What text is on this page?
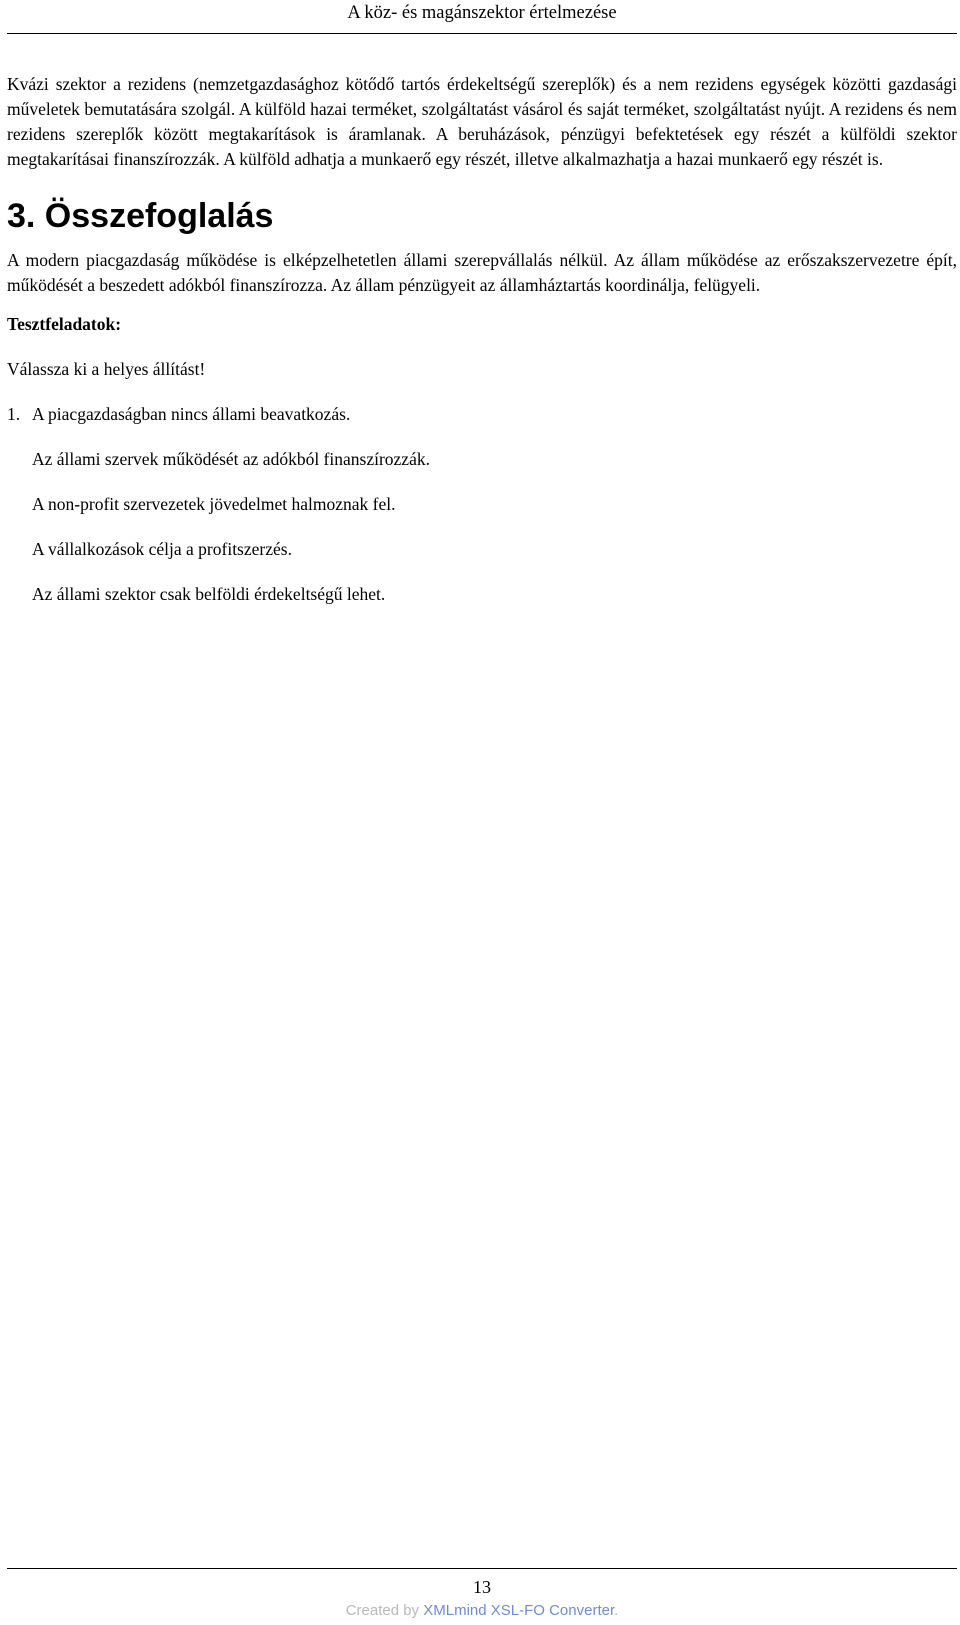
A köz- és magánszektor értelmezése

Kvázi szektor a rezidens (nemzetgazdasághoz kötődő tartós érdekeltségű szereplők) és a nem rezidens egységek közötti gazdasági műveletek bemutatására szolgál. A külföld hazai terméket, szolgáltatást vásárol és saját terméket, szolgáltatást nyújt. A rezidens és nem rezidens szereplők között megtakarítások is áramlanak. A beruházások, pénzügyi befektetések egy részét a külföldi szektor megtakarításai finanszírozzák. A külföld adhatja a munkaerő egy részét, illetve alkalmazhatja a hazai munkaerő egy részét is.

3. Összefoglalás

A modern piacgazdaság működése is elképzelhetetlen állami szerepvállalás nélkül. Az állam működése az erőszakszervezetre épít, működését a beszedett adókból finanszírozza. Az állam pénzügyeit az államháztartás koordinálja, felügyeli.

Tesztfeladatok:

Válassza ki a helyes állítást!

1. A piacgazdaságban nincs állami beavatkozás.

Az állami szervek működését az adókból finanszírozzák.

A non-profit szervezetek jövedelmet halmoznak fel.

A vállalkozások célja a profitszerzés.

Az állami szektor csak belföldi érdekeltségű lehet.

13
Created by XMLmind XSL-FO Converter.
